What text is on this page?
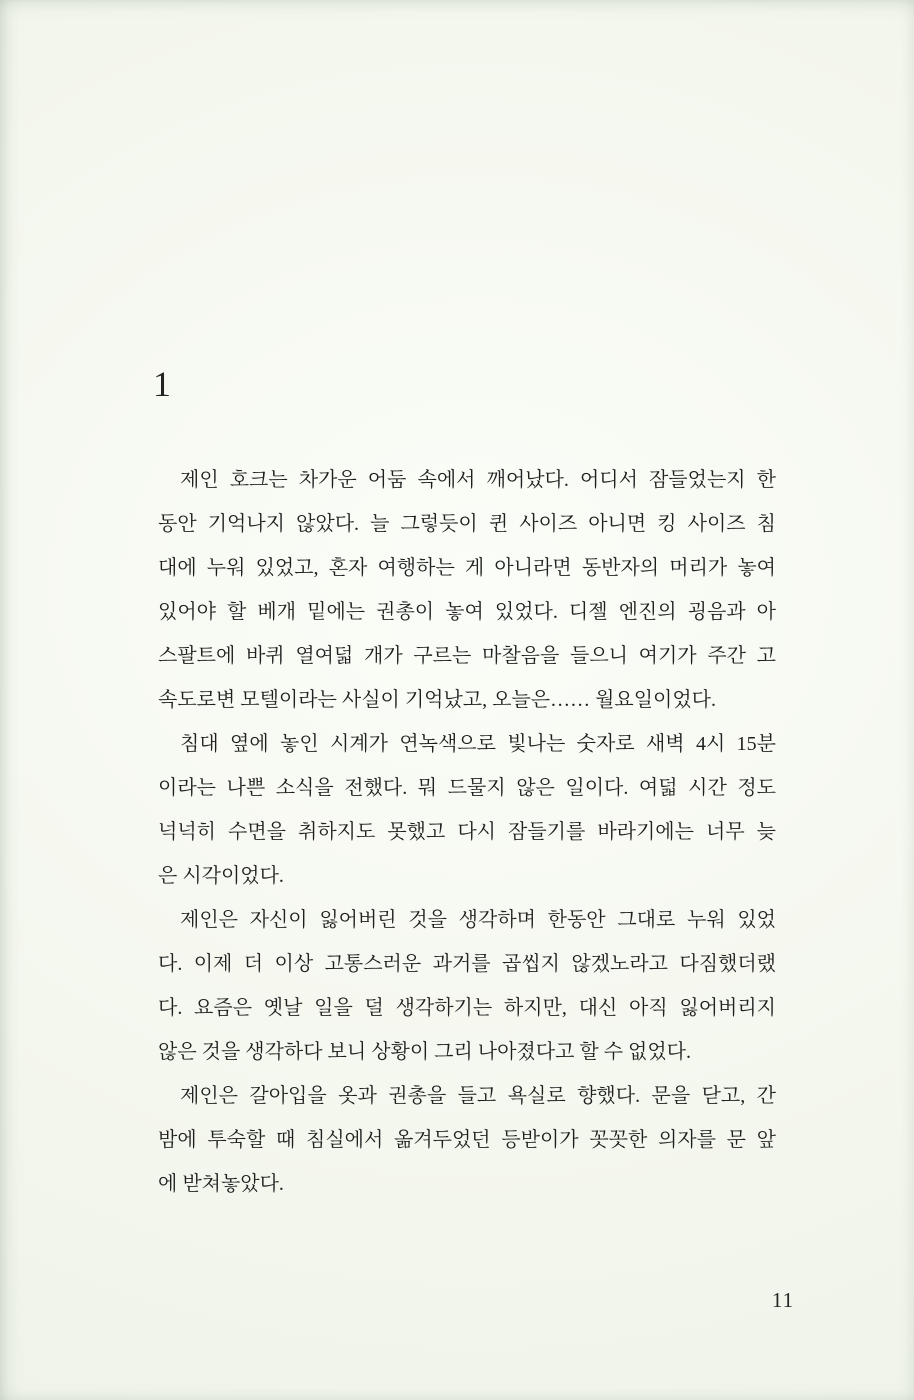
1
제인 호크는 차가운 어둠 속에서 깨어났다. 어디서 잠들었는지 한
동안 기억나지 않았다. 늘 그렇듯이 퀸 사이즈 아니면 킹 사이즈 침
대에 누워 있었고, 혼자 여행하는 게 아니라면 동반자의 머리가 놓여
있어야 할 베개 밑에는 권총이 놓여 있었다. 디젤 엔진의 굉음과 아
스팔트에 바퀴 열여덟 개가 구르는 마찰음을 들으니 여기가 주간 고
속도로변 모텔이라는 사실이 기억났고, 오늘은…… 월요일이었다.
침대 옆에 놓인 시계가 연녹색으로 빛나는 숫자로 새벽 4시 15분
이라는 나쁜 소식을 전했다. 뭐 드물지 않은 일이다. 여덟 시간 정도
넉넉히 수면을 취하지도 못했고 다시 잠들기를 바라기에는 너무 늦
은 시각이었다.
제인은 자신이 잃어버린 것을 생각하며 한동안 그대로 누워 있었
다. 이제 더 이상 고통스러운 과거를 곱씹지 않겠노라고 다짐했더랬
다. 요즘은 옛날 일을 덜 생각하기는 하지만, 대신 아직 잃어버리지
않은 것을 생각하다 보니 상황이 그리 나아졌다고 할 수 없었다.
제인은 갈아입을 옷과 권총을 들고 욕실로 향했다. 문을 닫고, 간
밤에 투숙할 때 침실에서 옮겨두었던 등받이가 꼿꼿한 의자를 문 앞
에 받쳐놓았다.
11
